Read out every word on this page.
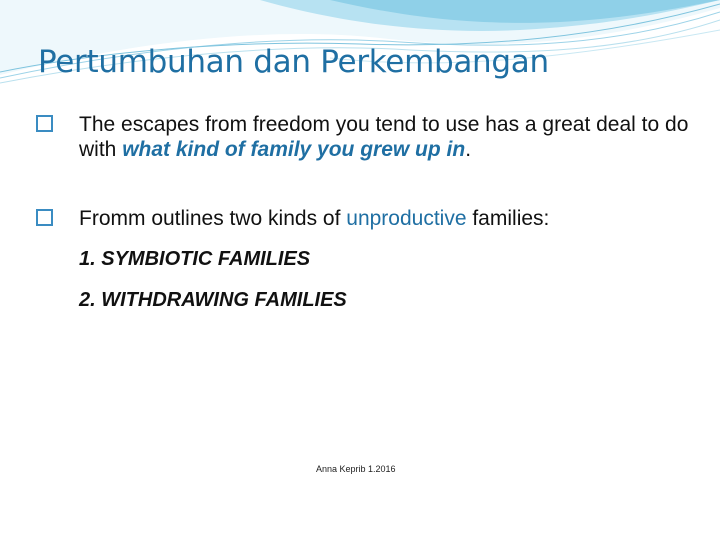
Pertumbuhan dan Perkembangan
The escapes from freedom you tend to use has a great deal to do with what kind of family you grew up in.
Fromm outlines two kinds of unproductive families:
1. SYMBIOTIC FAMILIES
2. WITHDRAWING FAMILIES
Anna Keprib 1.2016
